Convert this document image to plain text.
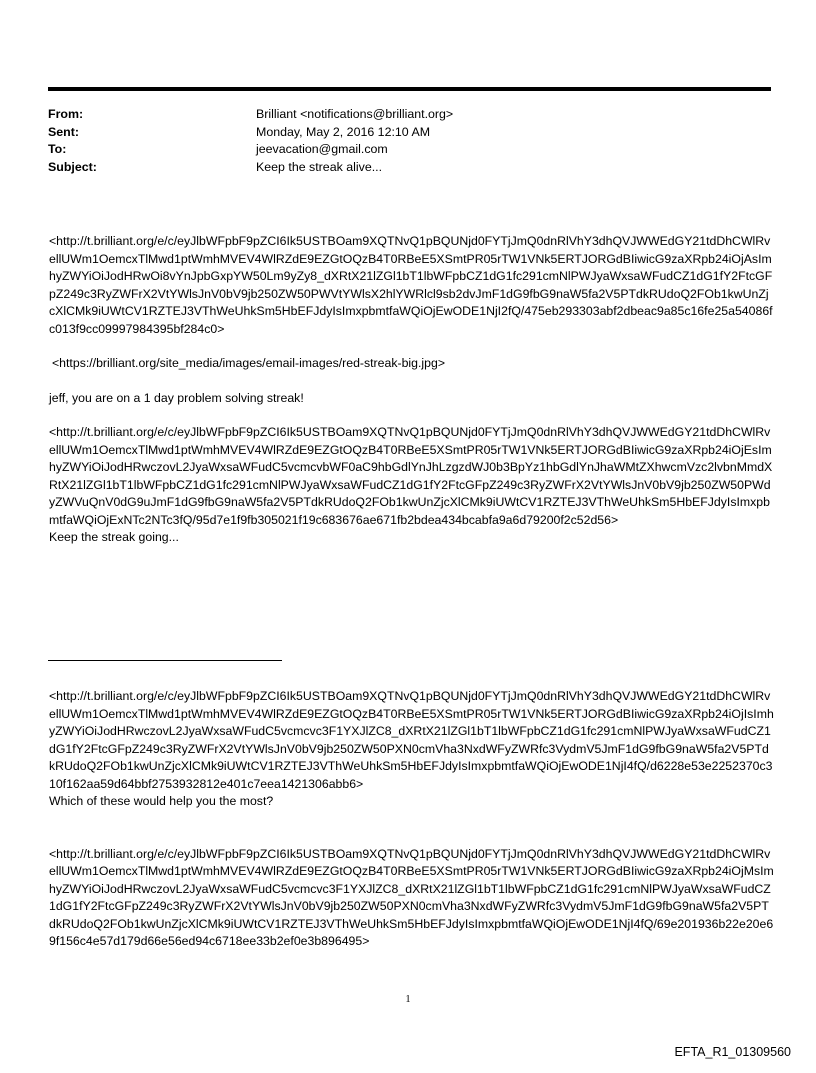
From:	Brilliant <notifications@brilliant.org>
Sent:	Monday, May 2, 2016 12:10 AM
To:	jeevacation@gmail.com
Subject:	Keep the streak alive...

<http://t.brilliant.org/e/c/eyJlbWFpbF9pZCI6Ik5USTBOam9XQTNvQ1pBQUNjd0FYTjJmQ0dnRlVhY3dhQVJWWEdGY21tdDhCWlRvellUWm1OemcxTlMwd1ptWmhMVEV4WlRZdE9EZGtOQzB4T0RBeE5XSmtPR05rTW1VNk5ERTJORGdBIiwicG9zaXRpb24iOjAsImhyZWYiOiJodHRwOi8vYnJpbGxpYW50Lm9yZy8_dXRtX21lZGl1bT1lbWFpbCZ1dG1fc291cmNlPWJyaWxsaWFudCZ1dG1fY2FtcGFpZ249c3RyZWFrX2VtYWlsJnV0bV9jb250ZW50PWVtYWlsX2hlYWRlcl9sb2dvJmF1dG9fbG9naW5fa2V5PTdkRUdoQ2FOb1kwUnZjcXlCMk9iUWtCV1RZTEJ3VThWeUhkSm5HbEFJdyIsImxpbmtfaWQiOjEwODE1NjI2fQ/475eb293303abf2dbeac9a85c16fe25a54086fc013f9cc09997984395bf284c0>

<https://brilliant.org/site_media/images/email-images/red-streak-big.jpg>

jeff, you are on a 1 day problem solving streak!

<http://t.brilliant.org/e/c/eyJlbWFpbF9pZCI6Ik5USTBOam9XQTNvQ1pBQUNjd0FYTjJmQ0dnRlVhY3dhQVJWWEdGY21tdDhCWlRvellUWm1OemcxTlMwd1ptWmhMVEV4WlRZdE9EZGtOQzB4T0RBeE5XSmtPR05rTW1VNk5ERTJORGdBIiwicG9zaXRpb24iOjEsImhyZWYiOiJodHRwczovL2JyaWxsaWFudC5vcmcvbWF0aC9hbGdlYnJhLzgzdWJ0b3BpYz1hbGdlYnJhaWMtZXhwcmVzc2lvbnMmdXRtX21lZGl1bT1lbWFpbCZ1dG1fc291cmNlPWJyaWxsaWFudCZ1dG1fY2FtcGFpZ249c3RyZWFrX2VtYWlsJnV0bV9jb250ZW50PWdyZWVuQnV0dG9uJmF1dG9fbG9naW5fa2V5PTdkRUdoQ2FOb1kwUnZjcXlCMk9iUWtCV1RZTEJ3VThWeUhkSm5HbEFJdyIsImxpbmtfaWQiOjExNTc2NTc3fQ/95d7e1f9fb305021f19c683676ae671fb2bdea434bcabfa9a6d79200f2c52d56>

Keep the streak going...

<http://t.brilliant.org/e/c/eyJlbWFpbF9pZCI6Ik5USTBOam9XQTNvQ1pBQUNjd0FYTjJmQ0dnRlVhY3dhQVJWWEdGY21tdDhCWlRvellUWm1OemcxTlMwd1ptWmhMVEV4WlRZdE9EZGtOQzB4T0RBeE5XSmtPR05rTW1VNk5ERTJORGdBIiwicG9zaXRpb24iOjIsImhyZWYiOiJodHRwczovL2JyaWxsaWFudC5vcmcvc3F1YXJlZC8_dXRtX21lZGl1bT1lbWFpbCZ1dG1fc291cmNlPWJyaWxsaWFudCZ1dG1fY2FtcGFpZ249c3RyZWFrX2VtYWlsJnV0bV9jb250ZW50PXN0cmVha3NxdWFyZWRfc3VydmV5JmF1dG9fbG9naW5fa2V5PTdkRUdoQ2FOb1kwUnZjcXlCMk9iUWtCV1RZTEJ3VThWeUhkSm5HbEFJdyIsImxpbmtfaWQiOjEwODE1NjI4fQ/d6228e53e2252370c310f162aa59d64bbf2753932812e401c7eea1421306abb6>

Which of these would help you the most?

<http://t.brilliant.org/e/c/eyJlbWFpbF9pZCI6Ik5USTBOam9XQTNvQ1pBQUNjd0FYTjJmQ0dnRlVhY3dhQVJWWEdGY21tdDhCWlRvellUWm1OemcxTlMwd1ptWmhMVEV4WlRZdE9EZGtOQzB4T0RBeE5XSmtPR05rTW1VNk5ERTJORGdBIiwicG9zaXRpb24iOjMsImhyZWYiOiJodHRwczovL2JyaWxsaWFudC5vcmcvc3F1YXJlZC8_dXRtX21lZGl1bT1lbWFpbCZ1dG1fc291cmNlPWJyaWxsaWFudCZ1dG1fY2FtcGFpZ249c3RyZWFrX2VtYWlsJnV0bV9jb250ZW50PXN0cmVha3NxdWFyZWRfc3VydmV5JmF1dG9fbG9naW5fa2V5PTdkRUdoQ2FOb1kwUnZjcXlCMk9iUWtCV1RZTEJ3VThWeUhkSm5HbEFJdyIsImxpbmtfaWQiOjEwODE1NjI4fQ/69e201936b22e20e69f156c4e57d179d66e56ed94c6718ee33b2ef0e3b896495>

1
EFTA_R1_01309560
